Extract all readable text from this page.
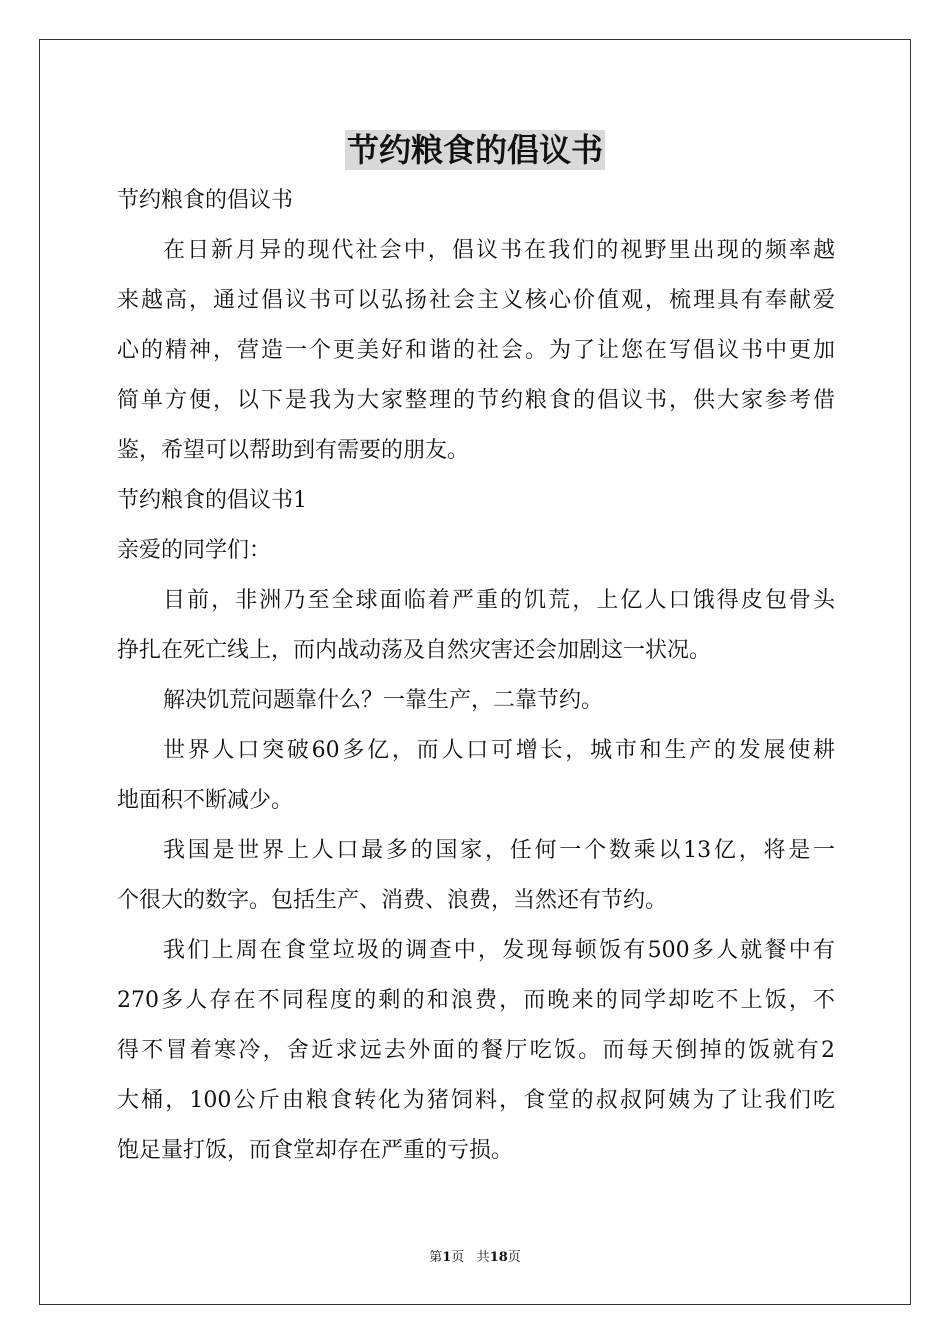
节约粮食的倡议书
节约粮食的倡议书
在日新月异的现代社会中，倡议书在我们的视野里出现的频率越
来越高，通过倡议书可以弘扬社会主义核心价值观，梳理具有奉献爱
心的精神，营造一个更美好和谐的社会。为了让您在写倡议书中更加
简单方便，以下是我为大家整理的节约粮食的倡议书，供大家参考借
鉴，希望可以帮助到有需要的朋友。
节约粮食的倡议书1
亲爱的同学们：
目前，非洲乃至全球面临着严重的饥荒，上亿人口饿得皮包骨头
挣扎在死亡线上，而内战动荡及自然灾害还会加剧这一状况。
解决饥荒问题靠什么？一靠生产，二靠节约。
世界人口突破60多亿，而人口可增长，城市和生产的发展使耕
地面积不断减少。
我国是世界上人口最多的国家，任何一个数乘以13亿，将是一
个很大的数字。包括生产、消费、浪费，当然还有节约。
我们上周在食堂垃圾的调查中，发现每顿饭有500多人就餐中有
270多人存在不同程度的剩的和浪费，而晚来的同学却吃不上饭，不
得不冒着寒冷，舍近求远去外面的餐厅吃饭。而每天倒掉的饭就有2
大桶，100公斤由粮食转化为猪饲料，食堂的叔叔阿姨为了让我们吃
饱足量打饭，而食堂却存在严重的亏损。
第1页 共18页
